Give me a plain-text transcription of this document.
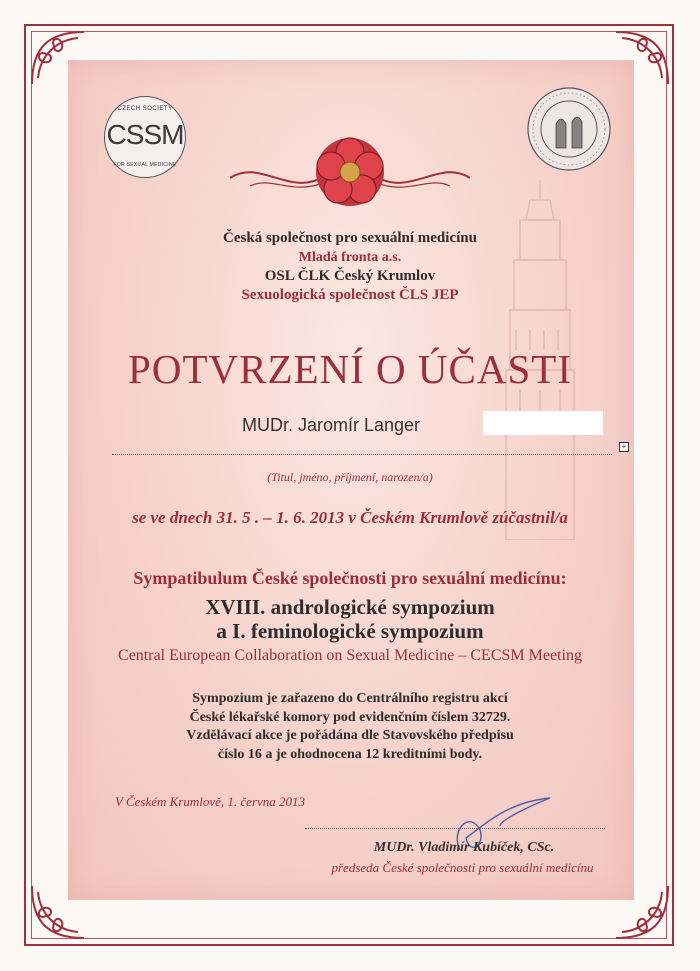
CZECH SOCIETY
CSSM
FOR SEXUAL MEDICINE
Česká společnost pro sexuální medicínu
Mladá fronta a.s.
OSL ČLK Český Krumlov
Sexuologická společnost ČLS JEP
POTVRZENÍ O ÚČASTI
MUDr. Jaromír Langer
+
(Titul, jméno, příjmení, narozen/a)
se ve dnech 31. 5 . – 1. 6. 2013 v Českém Krumlově zúčastnil/a
Sympatibulum České společnosti pro sexuální medicínu:
XVIII. andrologické sympozium
a I. feminologické sympozium
Central European Collaboration on Sexual Medicine – CECSM Meeting
Sympozium je zařazeno do Centrálního registru akcí
České lékařské komory pod evidenčním číslem 32729.
Vzdělávací akce je pořádána dle Stavovského předpisu
číslo 16 a je ohodnocena 12 kreditními body.
V Českém Krumlově, 1. června 2013
MUDr. Vladimír Kubíček, CSc.
předseda České společnosti pro sexuální medicínu
